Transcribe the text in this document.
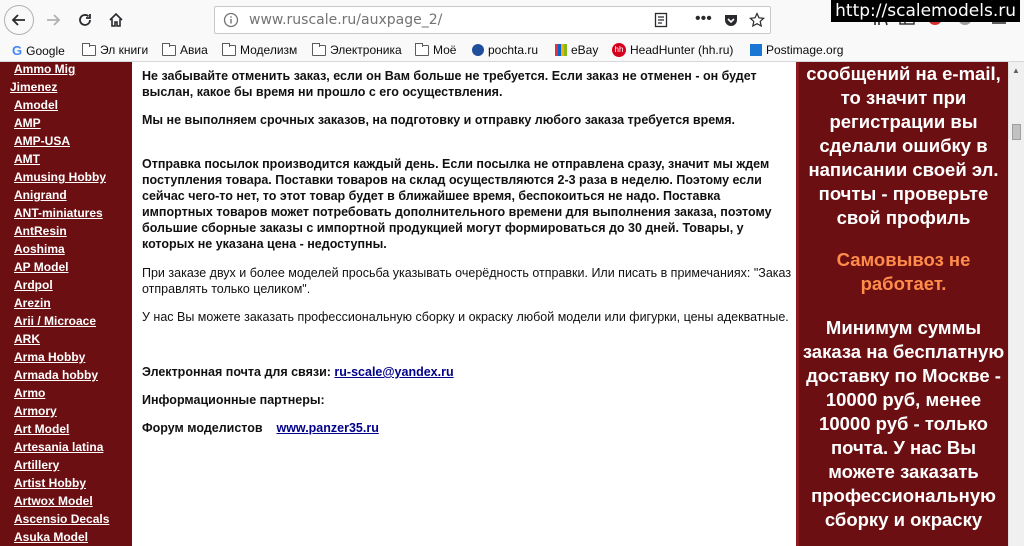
www.ruscale.ru/auxpage_2/	•••	http://scalemodels.ru
G Google	Эл книги	Авиа	Моделизм	Электроника	Моё	pochta.ru	eBay	hh HeadHunter (hh.ru)	Postimage.org
Ammo Mig
Jimenez
Amodel
AMP
AMP-USA
AMT
Amusing Hobby
Anigrand
ANT-miniatures
AntResin
Aoshima
AP Model
Ardpol
Arezin
Arii / Microace
ARK
Arma Hobby
Armada hobby
Armo
Armory
Art Model
Artesania latina
Artillery
Artist Hobby
Artwox Model
Ascensio Decals
Asuka Model

Не забывайте отменить заказ, если он Вам больше не требуется. Если заказ не отменен - он будет выслан, какое бы время ни прошло с его осуществления.

Мы не выполняем срочных заказов, на подготовку и отправку любого заказа требуется время.

Отправка посылок производится каждый день. Если посылка не отправлена сразу, значит мы ждем поступления товара. Поставки товаров на склад осуществляются 2-3 раза в неделю. Поэтому если сейчас чего-то нет, то этот товар будет в ближайшее время, беспокоиться не надо. Поставка импортных товаров может потребовать дополнительного времени для выполнения заказа, поэтому большие сборные заказы с импортной продукцией могут формироваться до 30 дней. Товары, у которых не указана цена - недоступны.

При заказе двух и более моделей просьба указывать очерёдность отправки. Или писать в примечаниях: "Заказ отправлять только целиком".

У нас Вы можете заказать профессиональную сборку и окраску любой модели или фигурки, цены адекватные.

Электронная почта для связи: ru-scale@yandex.ru

Информационные партнеры:

Форум моделистов www.panzer35.ru

сообщений на e-mail, то значит при регистрации вы сделали ошибку в написании своей эл. почты - проверьте свой профиль
Самовывоз не работает.
Минимум суммы заказа на бесплатную доставку по Москве - 10000 руб, менее 10000 руб - только почта. У нас Вы можете заказать профессиональную сборку и окраску
▲
